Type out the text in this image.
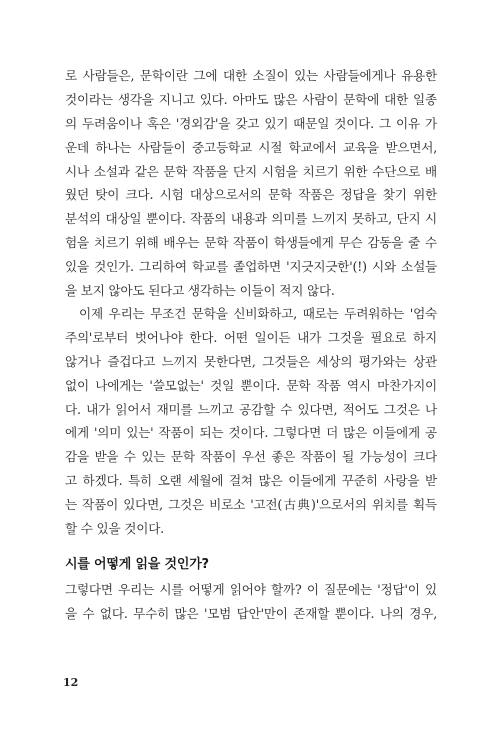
로 사람들은, 문학이란 그에 대한 소질이 있는 사람들에게나 유용한
것이라는 생각을 지니고 있다. 아마도 많은 사람이 문학에 대한 일종
의 두려움이나 혹은 '경외감'을 갖고 있기 때문일 것이다. 그 이유 가
운데 하나는 사람들이 중고등학교 시절 학교에서 교육을 받으면서,
시나 소설과 같은 문학 작품을 단지 시험을 치르기 위한 수단으로 배
웠던 탓이 크다. 시험 대상으로서의 문학 작품은 정답을 찾기 위한
분석의 대상일 뿐이다. 작품의 내용과 의미를 느끼지 못하고, 단지 시
험을 치르기 위해 배우는 문학 작품이 학생들에게 무슨 감동을 줄 수
있을 것인가. 그리하여 학교를 졸업하면 '지긋지긋한'(!) 시와 소설들
을 보지 않아도 된다고 생각하는 이들이 적지 않다.
이제 우리는 무조건 문학을 신비화하고, 때로는 두려워하는 '엄숙
주의'로부터 벗어나야 한다. 어떤 일이든 내가 그것을 필요로 하지
않거나 즐겁다고 느끼지 못한다면, 그것들은 세상의 평가와는 상관
없이 나에게는 '쓸모없는' 것일 뿐이다. 문학 작품 역시 마찬가지이
다. 내가 읽어서 재미를 느끼고 공감할 수 있다면, 적어도 그것은 나
에게 '의미 있는' 작품이 되는 것이다. 그렇다면 더 많은 이들에게 공
감을 받을 수 있는 문학 작품이 우선 좋은 작품이 될 가능성이 크다
고 하겠다. 특히 오랜 세월에 걸쳐 많은 이들에게 꾸준히 사랑을 받
는 작품이 있다면, 그것은 비로소 '고전(古典)'으로서의 위치를 획득
할 수 있을 것이다.
시를 어떻게 읽을 것인가?
그렇다면 우리는 시를 어떻게 읽어야 할까? 이 질문에는 '정답'이 있
을 수 없다. 무수히 많은 '모범 답안'만이 존재할 뿐이다. 나의 경우,
12
